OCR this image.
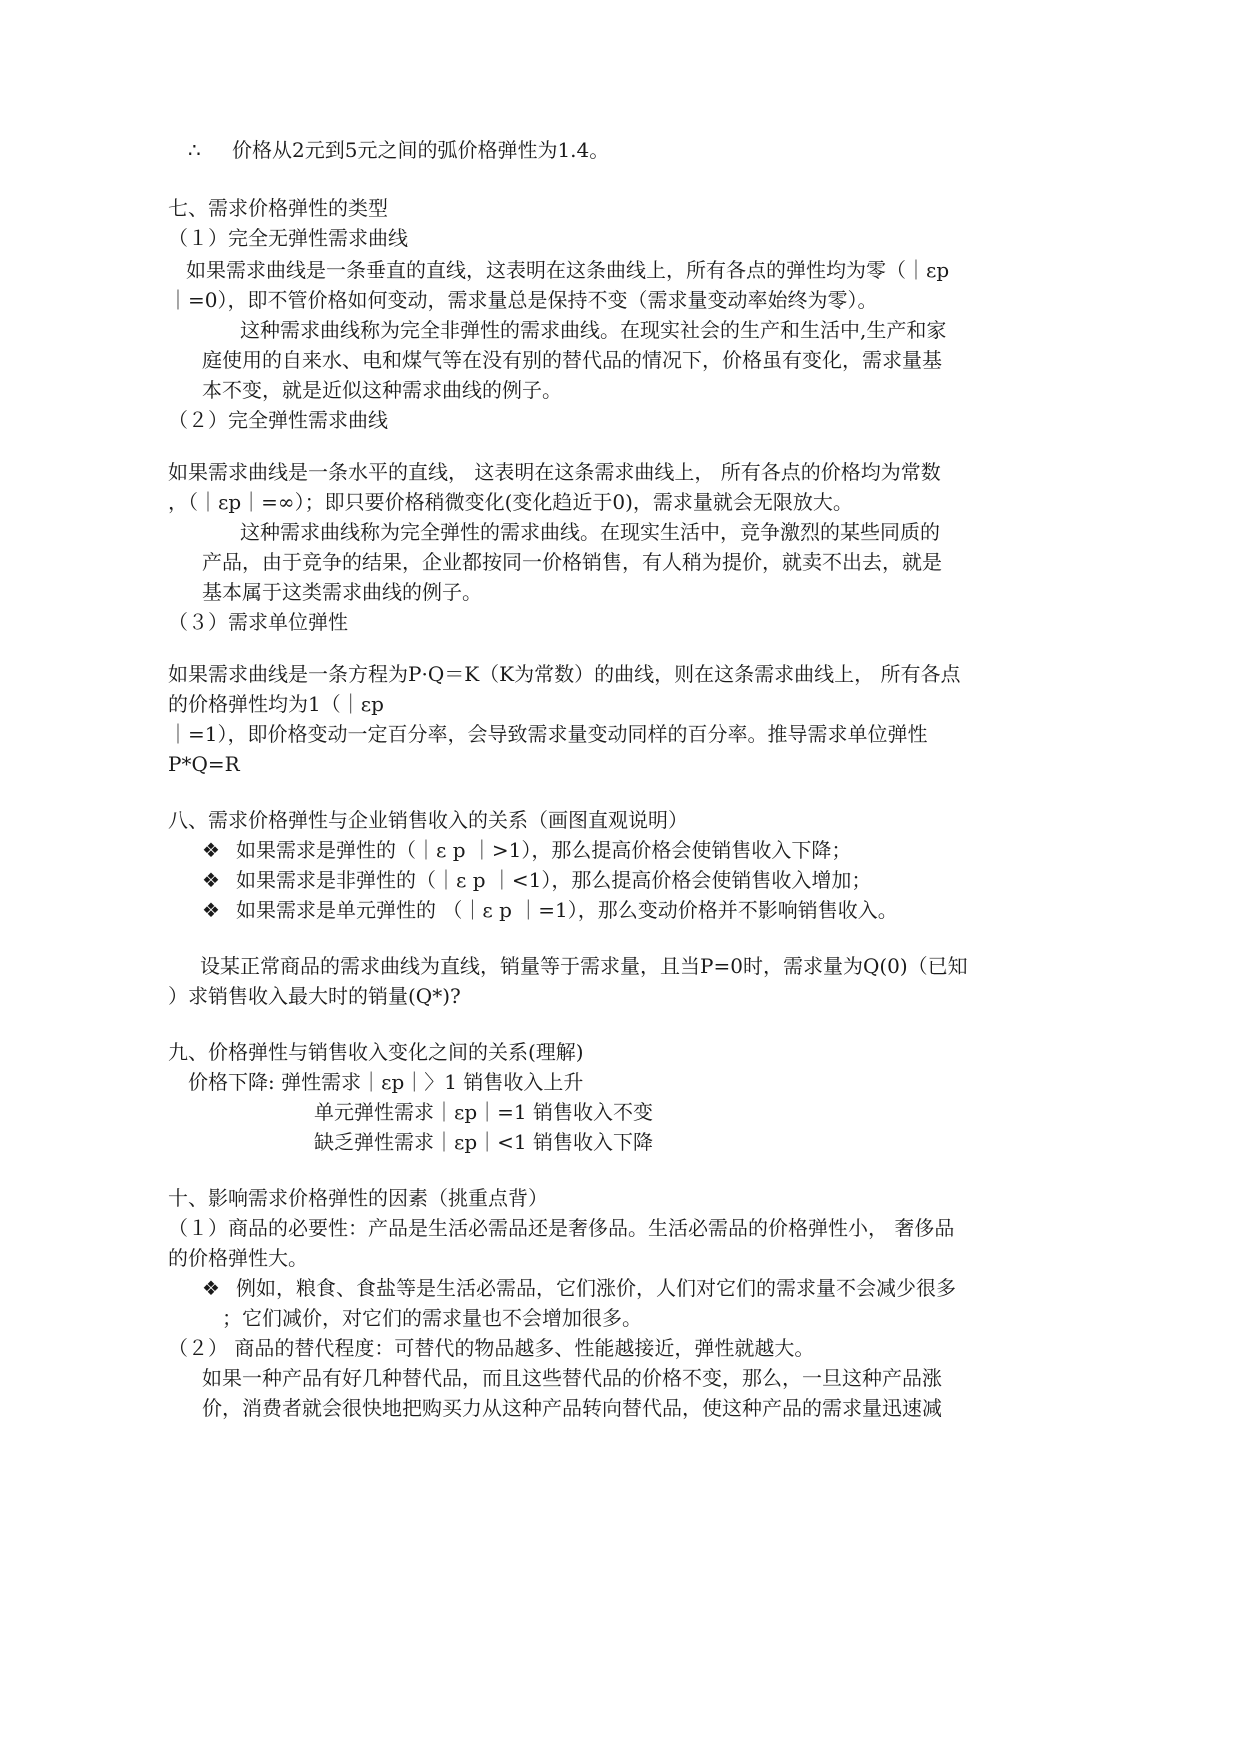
∴ 价格从2元到5元之间的弧价格弹性为1.4。
七、需求价格弹性的类型
（１）完全无弹性需求曲线
如果需求曲线是一条垂直的直线，这表明在这条曲线上，所有各点的弹性均为零（｜εp
｜=0），即不管价格如何变动，需求量总是保持不变（需求量变动率始终为零）。
这种需求曲线称为完全非弹性的需求曲线。在现实社会的生产和生活中,生产和家
庭使用的自来水、电和煤气等在没有别的替代品的情况下，价格虽有变化，需求量基
本不变，就是近似这种需求曲线的例子。
（２）完全弹性需求曲线
如果需求曲线是一条水平的直线， 这表明在这条需求曲线上， 所有各点的价格均为常数
，（｜εp｜=∞）；即只要价格稍微变化(变化趋近于0)，需求量就会无限放大。
这种需求曲线称为完全弹性的需求曲线。在现实生活中，竞争激烈的某些同质的
产品，由于竞争的结果，企业都按同一价格销售，有人稍为提价，就卖不出去，就是
基本属于这类需求曲线的例子。
（３）需求单位弹性
如果需求曲线是一条方程为P·Q＝K（K为常数）的曲线，则在这条需求曲线上， 所有各点
的价格弹性均为1（｜εp
｜=1），即价格变动一定百分率，会导致需求量变动同样的百分率。推导需求单位弹性
P*Q=R
八、需求价格弹性与企业销售收入的关系（画图直观说明）
❖ 如果需求是弹性的（｜ε p ｜>1），那么提高价格会使销售收入下降；
❖ 如果需求是非弹性的（｜ε p ｜<1），那么提高价格会使销售收入增加；
❖ 如果需求是单元弹性的 （｜ε p ｜=1），那么变动价格并不影响销售收入。
设某正常商品的需求曲线为直线，销量等于需求量，且当P=0时，需求量为Q(0)（已知
）求销售收入最大时的销量(Q*)?
九、价格弹性与销售收入变化之间的关系(理解)
价格下降: 弹性需求｜εp｜〉1 销售收入上升
单元弹性需求｜εp｜=1 销售收入不变
缺乏弹性需求｜εp｜<1 销售收入下降
十、影响需求价格弹性的因素（挑重点背）
（１）商品的必要性：产品是生活必需品还是奢侈品。生活必需品的价格弹性小， 奢侈品
的价格弹性大。
❖ 例如，粮食、食盐等是生活必需品，它们涨价，人们对它们的需求量不会减少很多
；它们减价，对它们的需求量也不会增加很多。
（２） 商品的替代程度：可替代的物品越多、性能越接近，弹性就越大。
如果一种产品有好几种替代品，而且这些替代品的价格不变，那么，一旦这种产品涨
价，消费者就会很快地把购买力从这种产品转向替代品，使这种产品的需求量迅速减
